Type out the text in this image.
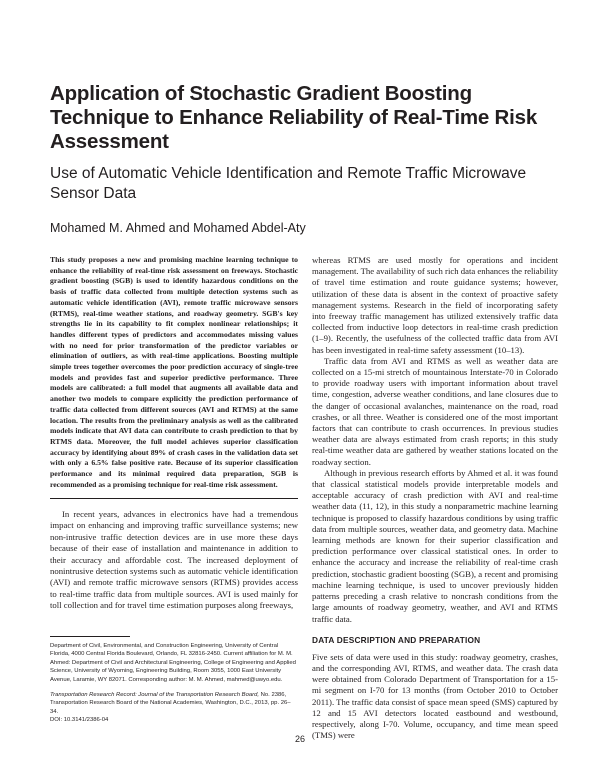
Application of Stochastic Gradient Boosting Technique to Enhance Reliability of Real-Time Risk Assessment
Use of Automatic Vehicle Identification and Remote Traffic Microwave Sensor Data
Mohamed M. Ahmed and Mohamed Abdel-Aty
This study proposes a new and promising machine learning technique to enhance the reliability of real-time risk assessment on freeways. Stochastic gradient boosting (SGB) is used to identify hazardous conditions on the basis of traffic data collected from multiple detection systems such as automatic vehicle identification (AVI), remote traffic microwave sensors (RTMS), real-time weather stations, and roadway geometry. SGB's key strengths lie in its capability to fit complex nonlinear relationships; it handles different types of predictors and accommodates missing values with no need for prior transformation of the predictor variables or elimination of outliers, as with real-time applications. Boosting multiple simple trees together overcomes the poor prediction accuracy of single-tree models and provides fast and superior predictive performance. Three models are calibrated: a full model that augments all available data and another two models to compare explicitly the prediction performance of traffic data collected from different sources (AVI and RTMS) at the same location. The results from the preliminary analysis as well as the calibrated models indicate that AVI data can contribute to crash prediction to that by RTMS data. Moreover, the full model achieves superior classification accuracy by identifying about 89% of crash cases in the validation data set with only a 6.5% false positive rate. Because of its superior classification performance and its minimal required data preparation, SGB is recommended as a promising technique for real-time risk assessment.

In recent years, advances in electronics have had a tremendous impact on enhancing and improving traffic surveillance systems; new non-intrusive traffic detection devices are in use more these days because of their ease of installation and maintenance in addition to their accuracy and affordable cost. The increased deployment of nonintrusive detection systems such as automatic vehicle identification (AVI) and remote traffic microwave sensors (RTMS) provides access to real-time traffic data from multiple sources. AVI is used mainly for toll collection and for travel time estimation purposes along freeways,

Department of Civil, Environmental, and Construction Engineering, University of Central Florida, 4000 Central Florida Boulevard, Orlando, FL 32816-2450. Current affiliation for M. M. Ahmed: Department of Civil and Architectural Engineering, College of Engineering and Applied Science, University of Wyoming, Engineering Building, Room 3055, 1000 East University Avenue, Laramie, WY 82071. Corresponding author: M. M. Ahmed, mahmed@uwyo.edu.
Transportation Research Record: Journal of the Transportation Research Board, No. 2386, Transportation Research Board of the National Academies, Washington, D.C., 2013, pp. 26–34.
DOI: 10.3141/2386-04

whereas RTMS are used mostly for operations and incident management. The availability of such rich data enhances the reliability of travel time estimation and route guidance systems; however, utilization of these data is absent in the context of proactive safety management systems. Research in the field of incorporating safety into freeway traffic management has utilized extensively traffic data collected from inductive loop detectors in real-time crash prediction (1–9). Recently, the usefulness of the collected traffic data from AVI has been investigated in real-time safety assessment (10–13).

Traffic data from AVI and RTMS as well as weather data are collected on a 15-mi stretch of mountainous Interstate-70 in Colorado to provide roadway users with important information about travel time, congestion, adverse weather conditions, and lane closures due to the danger of occasional avalanches, maintenance on the road, road crashes, or all three. Weather is considered one of the most important factors that can contribute to crash occurrences. In previous studies weather data are always estimated from crash reports; in this study real-time weather data are gathered by weather stations located on the roadway section.

Although in previous research efforts by Ahmed et al. it was found that classical statistical models provide interpretable models and acceptable accuracy of crash prediction with AVI and real-time weather data (11, 12), in this study a nonparametric machine learning technique is proposed to classify hazardous conditions by using traffic data from multiple sources, weather data, and geometry data. Machine learning methods are known for their superior classification and prediction performance over classical statistical ones. In order to enhance the accuracy and increase the reliability of real-time crash prediction, stochastic gradient boosting (SGB), a recent and promising machine learning technique, is used to uncover previously hidden patterns preceding a crash relative to noncrash conditions from the large amounts of roadway geometry, weather, and AVI and RTMS traffic data.

DATA DESCRIPTION AND PREPARATION

Five sets of data were used in this study: roadway geometry, crashes, and the corresponding AVI, RTMS, and weather data. The crash data were obtained from Colorado Department of Transportation for a 15-mi segment on I-70 for 13 months (from October 2010 to October 2011). The traffic data consist of space mean speed (SMS) captured by 12 and 15 AVI detectors located eastbound and westbound, respectively, along I-70. Volume, occupancy, and time mean speed (TMS) were

26
